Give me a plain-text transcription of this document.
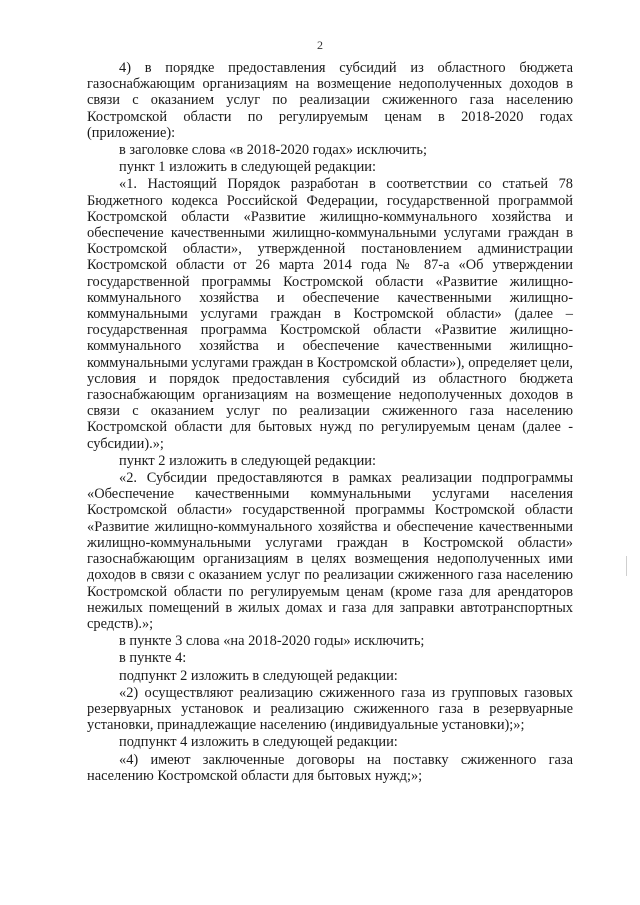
2

4) в порядке предоставления субсидий из областного бюджета газоснабжающим организациям на возмещение недополученных доходов в связи с оказанием услуг по реализации сжиженного газа населению Костромской области по регулируемым ценам в 2018-2020 годах (приложение):

в заголовке слова «в 2018-2020 годах» исключить;

пункт 1 изложить в следующей редакции:

«1. Настоящий Порядок разработан в соответствии со статьей 78 Бюджетного кодекса Российской Федерации, государственной программой Костромской области «Развитие жилищно-коммунального хозяйства и обеспечение качественными жилищно-коммунальными услугами граждан в Костромской области», утвержденной постановлением администрации Костромской области от 26 марта 2014 года № 87-а «Об утверждении государственной программы Костромской области «Развитие жилищно-коммунального хозяйства и обеспечение качественными жилищно-коммунальными услугами граждан в Костромской области» (далее – государственная программа Костромской области «Развитие жилищно-коммунального хозяйства и обеспечение качественными жилищно-коммунальными услугами граждан в Костромской области»), определяет цели, условия и порядок предоставления субсидий из областного бюджета газоснабжающим организациям на возмещение недополученных доходов в связи с оказанием услуг по реализации сжиженного газа населению Костромской области для бытовых нужд по регулируемым ценам (далее - субсидии).»;

пункт 2 изложить в следующей редакции:

«2. Субсидии предоставляются в рамках реализации подпрограммы «Обеспечение качественными коммунальными услугами населения Костромской области» государственной программы Костромской области «Развитие жилищно-коммунального хозяйства и обеспечение качественными жилищно-коммунальными услугами граждан в Костромской области» газоснабжающим организациям в целях возмещения недополученных ими доходов в связи с оказанием услуг по реализации сжиженного газа населению Костромской области по регулируемым ценам (кроме газа для арендаторов нежилых помещений в жилых домах и газа для заправки автотранспортных средств).»;

в пункте 3 слова «на 2018-2020 годы» исключить;

в пункте 4:

подпункт 2 изложить в следующей редакции:

«2) осуществляют реализацию сжиженного газа из групповых газовых резервуарных установок и реализацию сжиженного газа в резервуарные установки, принадлежащие населению (индивидуальные установки);»;

подпункт 4 изложить в следующей редакции:

«4) имеют заключенные договоры на поставку сжиженного газа населению Костромской области для бытовых нужд;»;
